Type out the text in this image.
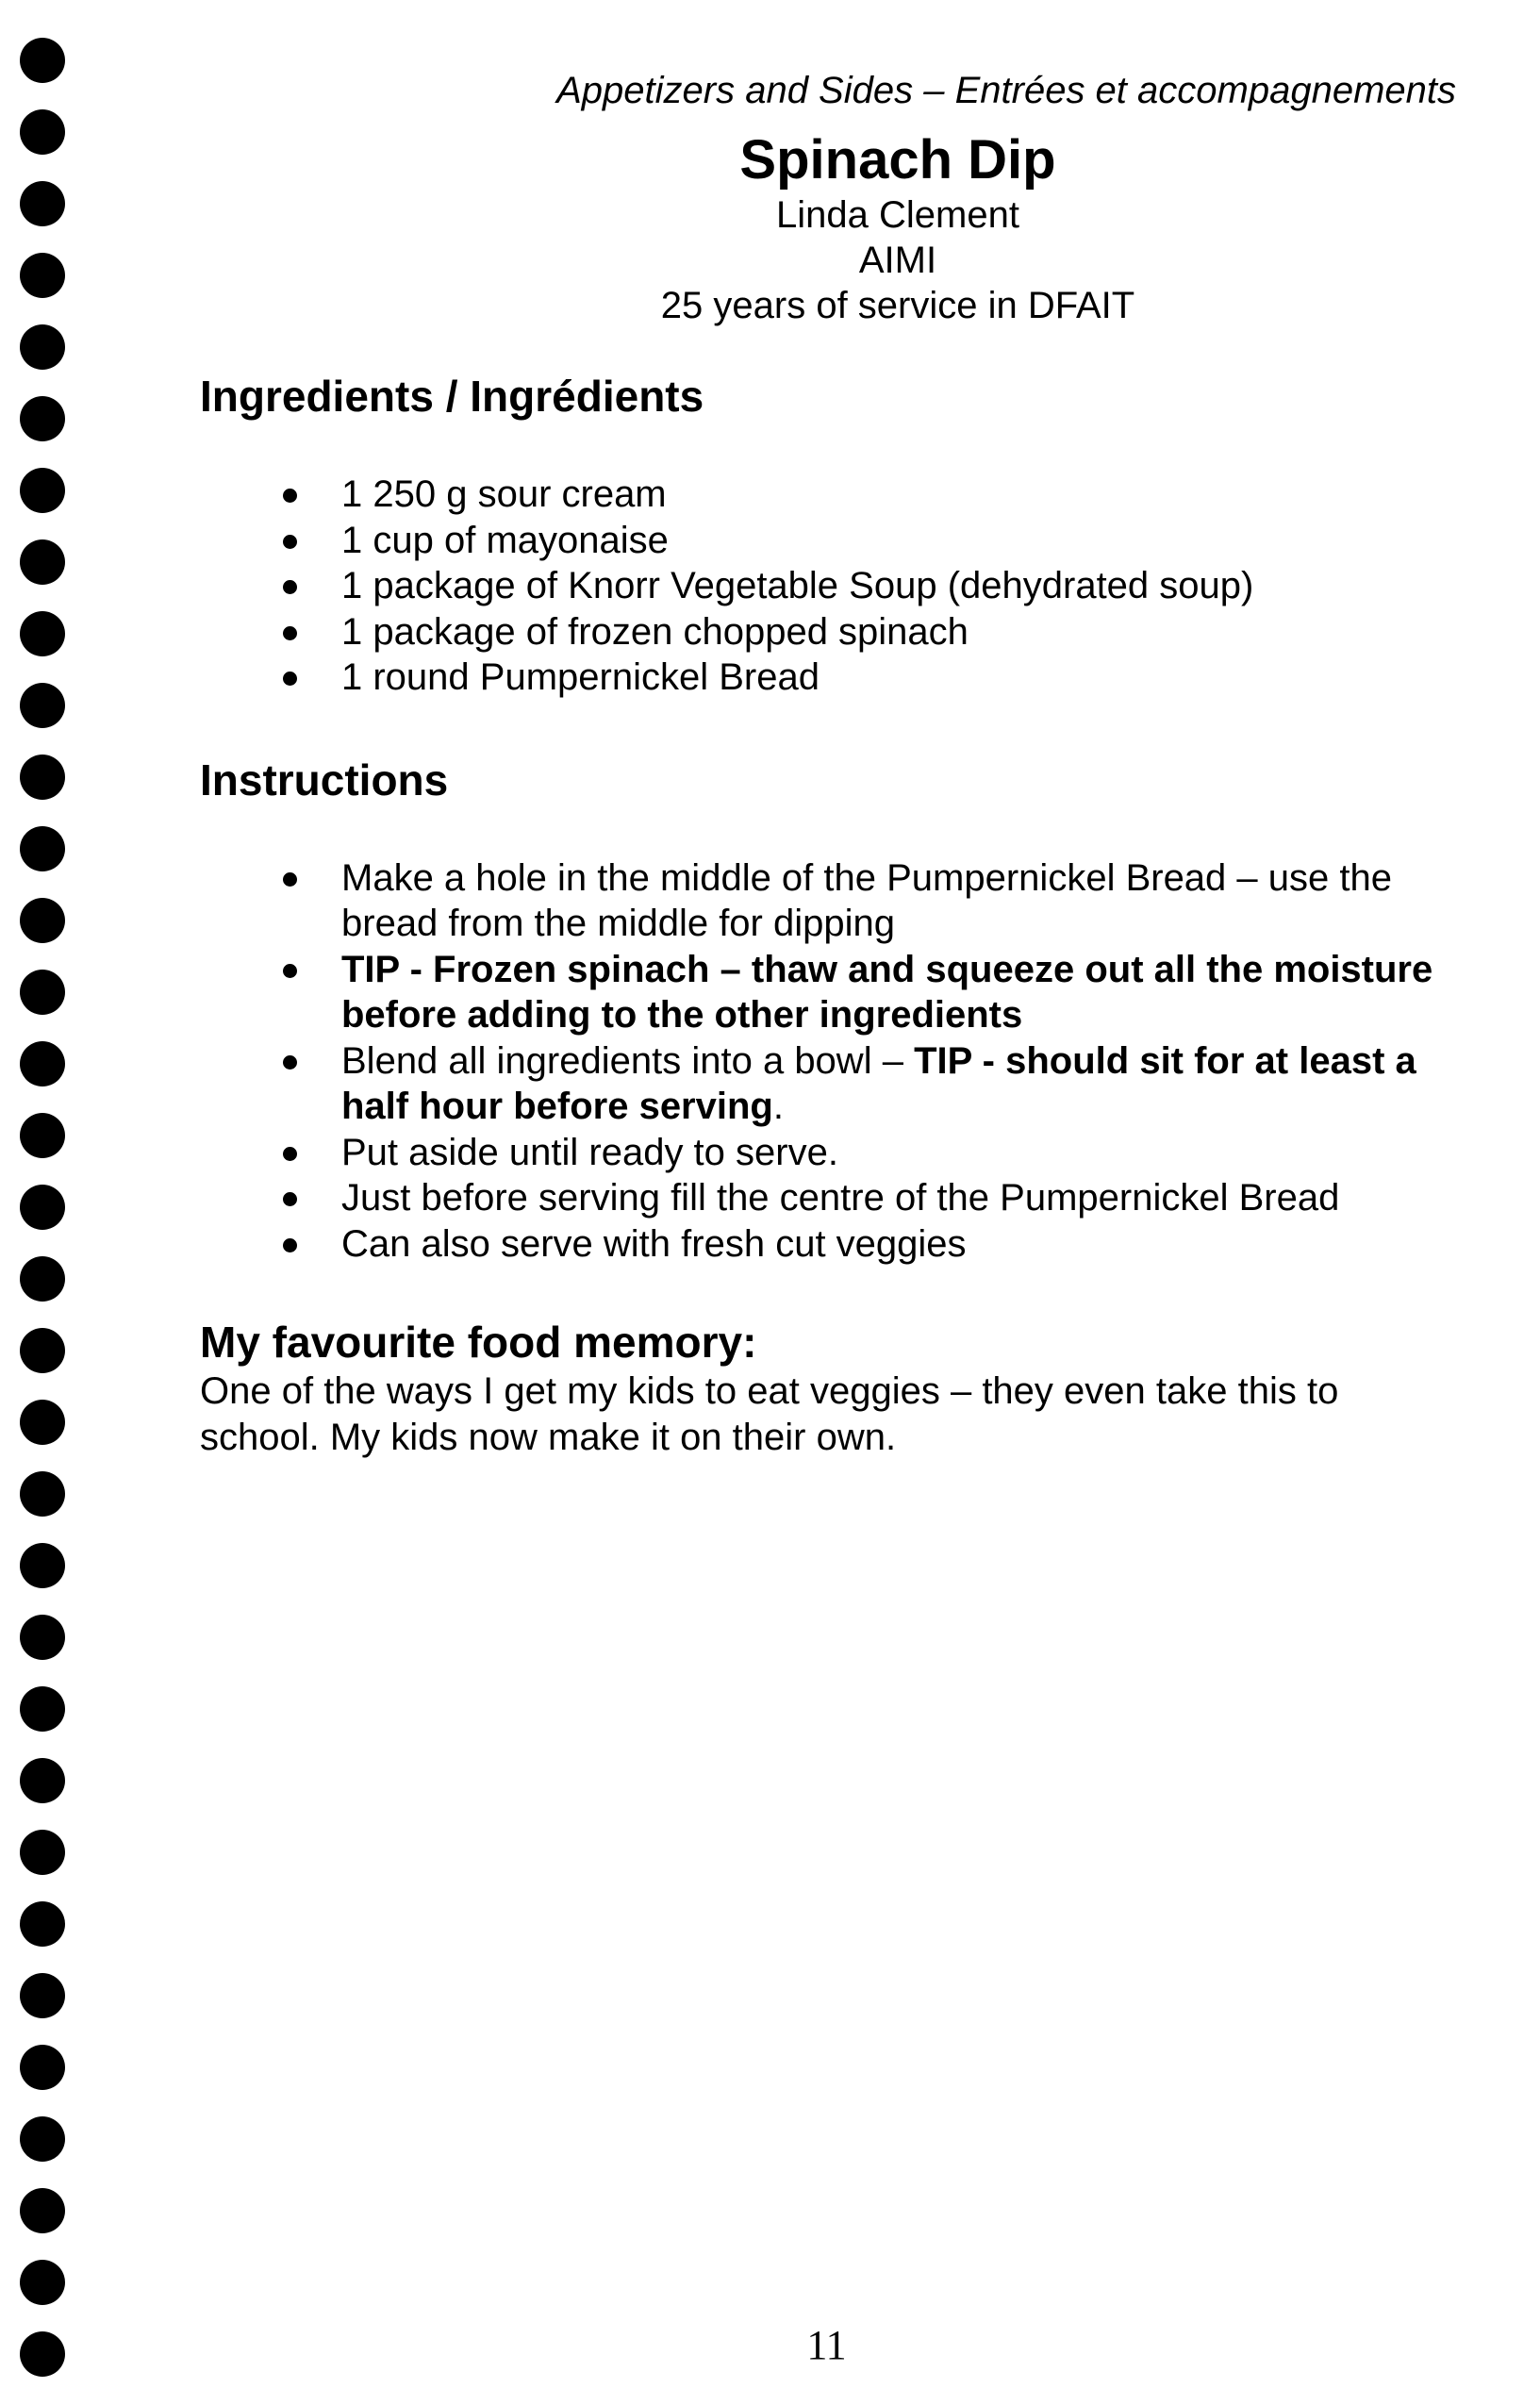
Appetizers and Sides – Entrées et accompagnements
Spinach Dip
Linda Clement
AIMI
25 years of service in DFAIT
Ingredients / Ingrédients
1 250 g sour cream
1 cup of mayonaise
1 package of Knorr Vegetable Soup (dehydrated soup)
1 package of frozen chopped spinach
1 round Pumpernickel Bread
Instructions
Make a hole in the middle of the Pumpernickel Bread – use the bread from the middle for dipping
TIP - Frozen spinach – thaw and squeeze out all the moisture before adding to the other ingredients
Blend all ingredients into a bowl – TIP - should sit for at least a half hour before serving.
Put aside until ready to serve.
Just before serving fill the centre of the Pumpernickel Bread
Can also serve with fresh cut veggies
My favourite food memory:
One of the ways I get my kids to eat veggies – they even take this to school. My kids now make it on their own.
11
